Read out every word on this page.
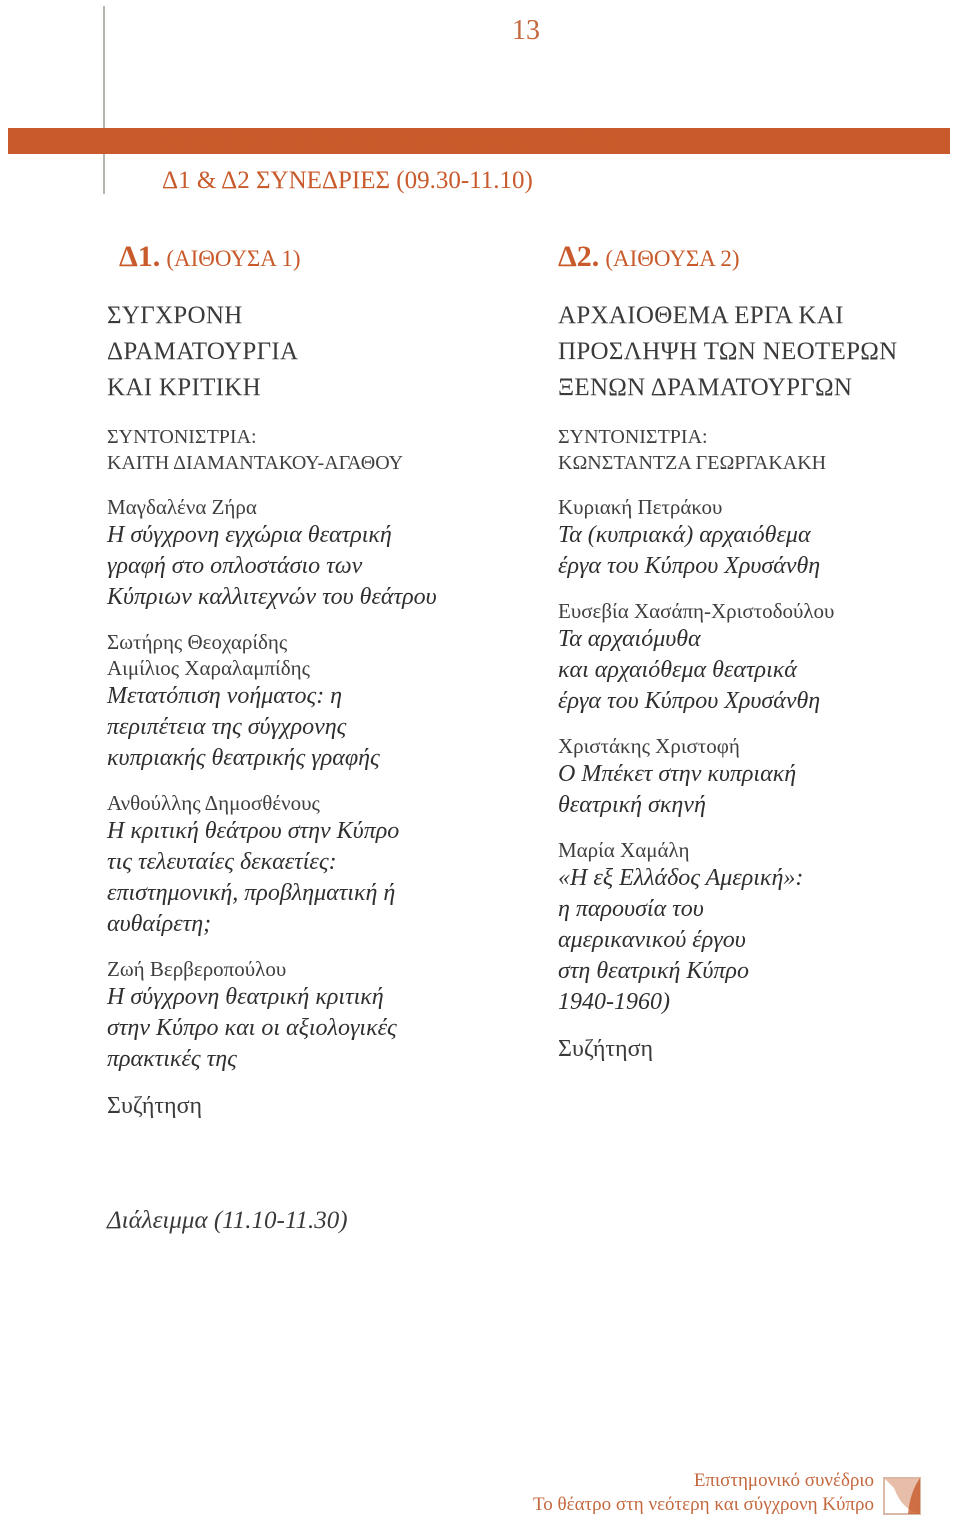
13
3η ΜΕΡΑ: ΚΥΡΙΑΚΗ, 1 ΝΟΕΜΒΡΙΟΥ 2015
Δ1 & Δ2 ΣΥΝΕΔΡΙΕΣ (09.30-11.10)
Δ1. (ΑΙΘΟΥΣΑ 1)
ΣΥΓΧΡΟΝΗ
ΔΡΑΜΑΤΟΥΡΓΙΑ
ΚΑΙ ΚΡΙΤΙΚΗ
ΣΥΝΤΟΝΙΣΤΡΙΑ:
ΚΑΙΤΗ ΔΙΑΜΑΝΤΑΚΟΥ-ΑΓΑΘΟΥ
Μαγδαλένα Ζήρα
Η σύγχρονη εγχώρια θεατρική
γραφή στο οπλοστάσιο των
Κύπριων καλλιτεχνών του θεάτρου
Σωτήρης Θεοχαρίδης
Αιμίλιος Χαραλαμπίδης
Μετατόπιση νοήματος: η
περιπέτεια της σύγχρονης
κυπριακής θεατρικής γραφής
Ανθούλλης Δημοσθένους
Η κριτική θεάτρου στην Κύπρο
τις τελευταίες δεκαετίες:
επιστημονική, προβληματική ή
αυθαίρετη;
Ζωή Βερβεροπούλου
Η σύγχρονη θεατρική κριτική
στην Κύπρο και οι αξιολογικές
πρακτικές της
Συζήτηση
Δ2. (ΑΙΘΟΥΣΑ 2)
ΑΡΧΑΙΟΘΕΜΑ ΕΡΓΑ ΚΑΙ
ΠΡΟΣΛΗΨΗ ΤΩΝ ΝΕΟΤΕΡΩΝ
ΞΕΝΩΝ ΔΡΑΜΑΤΟΥΡΓΩΝ
ΣΥΝΤΟΝΙΣΤΡΙΑ:
ΚΩΝΣΤΑΝΤΖΑ ΓΕΩΡΓΑΚΑΚΗ
Κυριακή Πετράκου
Τα (κυπριακά) αρχαιόθεμα
έργα του Κύπρου Χρυσάνθη
Ευσεβία Χασάπη-Χριστοδούλου
Τα αρχαιόμυθα
και αρχαιόθεμα θεατρικά
έργα του Κύπρου Χρυσάνθη
Χριστάκης Χριστοφή
Ο Μπέκετ στην κυπριακή
θεατρική σκηνή
Μαρία Χαμάλη
«Η εξ Ελλάδος Αμερική»:
η παρουσία του
αμερικανικού έργου
στη θεατρική Κύπρο
1940-1960)
Συζήτηση
Διάλειμμα (11.10-11.30)
Επιστημονικό συνέδριο
Το θέατρο στη νεότερη και σύγχρονη Κύπρο
